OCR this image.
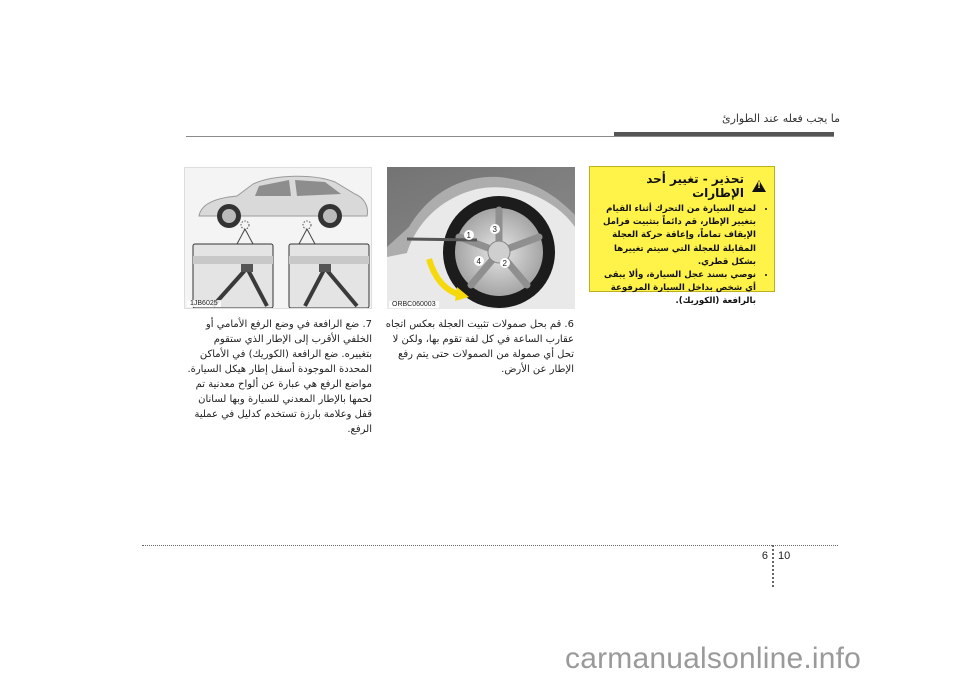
ما يجب فعله عند الطوارئ
!
تحذير - تغيير أحد الإطارات
• لمنع السيارة من التحرك أثناء القيام بتغيير الإطار، قم دائماً بتثبيت فرامل الإيقاف تماماً، وإعاقة حركة العجلة المقابلة للعجلة التي سيتم تغييرها بشكل قطري.
• نوصي بسند عجل السيارة، وألا يبقى أي شخص بداخل السيارة المرفوعة بالرافعة (الكوريك).
1
2
3
4
ORBC060003
1JB6025
6. قم بحل صمولات تثبيت العجلة بعكس اتجاه عقارب الساعة في كل لفة تقوم بها، ولكن لا تحل أي صمولة من الصمولات حتى يتم رفع الإطار عن الأرض.
7. ضع الرافعة في وضع الرفع الأمامي أو الخلفي الأقرب إلى الإطار الذي ستقوم بتغييره. ضع الرافعة (الكوريك) في الأماكن المحددة الموجودة أسفل إطار هيكل السيارة. مواضع الرفع هي عبارة عن ألواح معدنية تم لحمها بالإطار المعدني للسيارة وبها لسانان قفل وعلامة بارزة تستخدم كدليل في عملية الرفع.
6 10
carmanualsonline.info
